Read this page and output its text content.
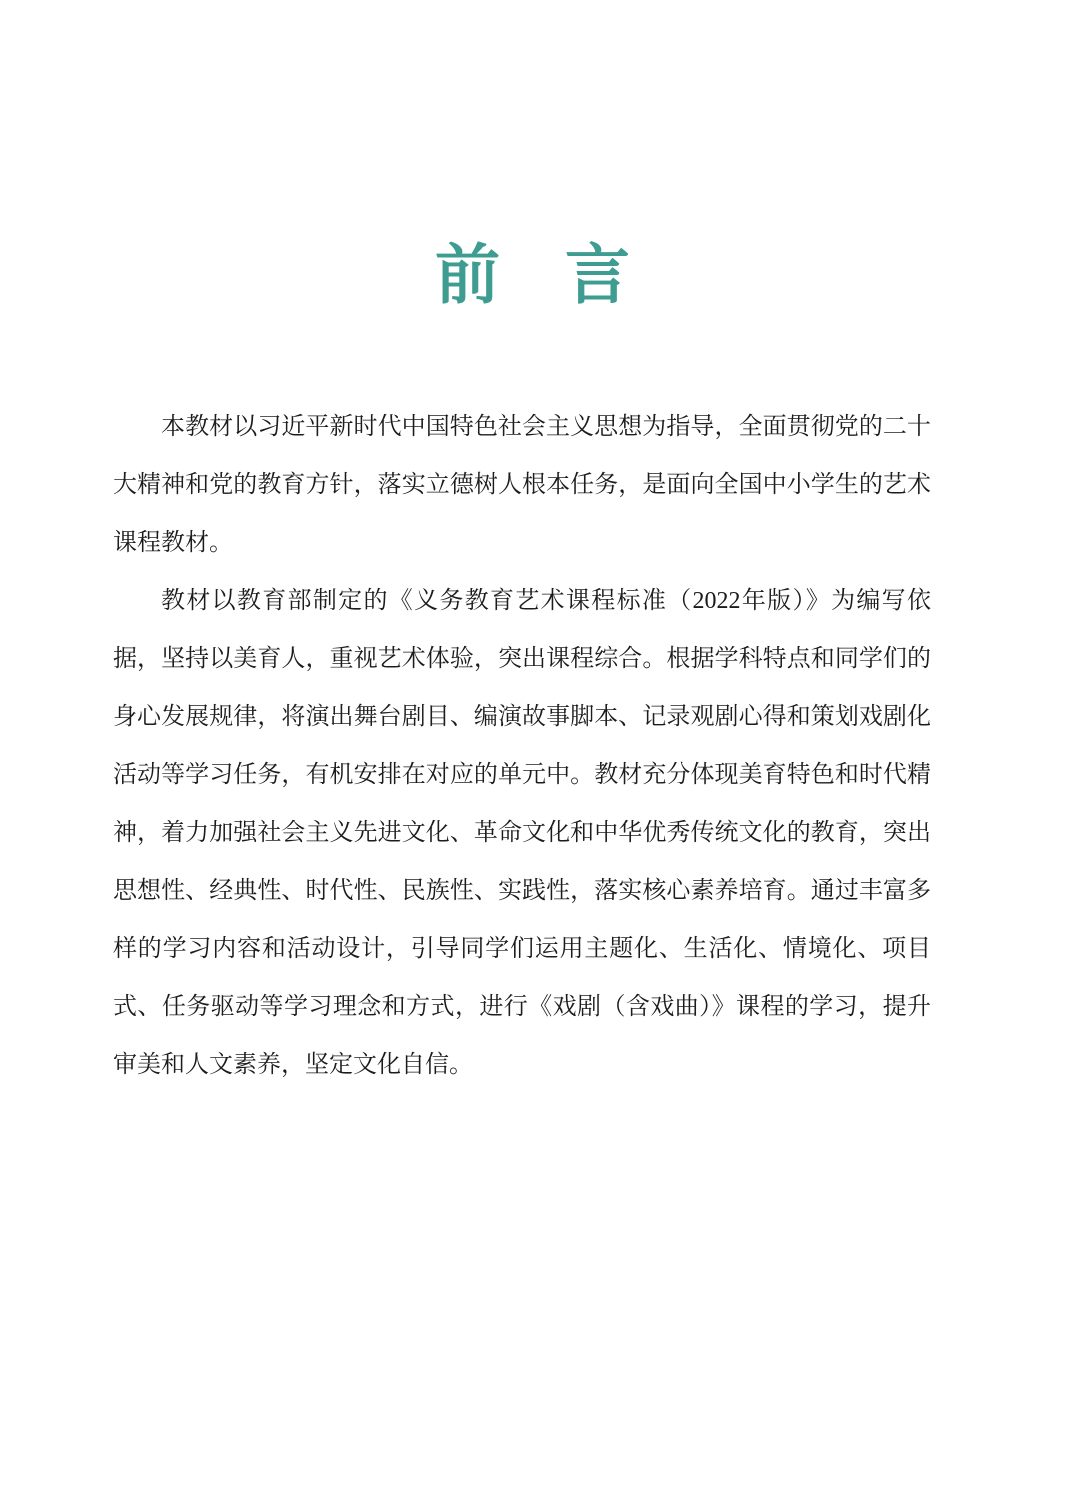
前　言

本教材以习近平新时代中国特色社会主义思想为指导，全面贯彻党的二十大精神和党的教育方针，落实立德树人根本任务，是面向全国中小学生的艺术课程教材。

教材以教育部制定的《义务教育艺术课程标准（2022年版）》为编写依据，坚持以美育人，重视艺术体验，突出课程综合。根据学科特点和同学们的身心发展规律，将演出舞台剧目、编演故事脚本、记录观剧心得和策划戏剧化活动等学习任务，有机安排在对应的单元中。教材充分体现美育特色和时代精神，着力加强社会主义先进文化、革命文化和中华优秀传统文化的教育，突出思想性、经典性、时代性、民族性、实践性，落实核心素养培育。通过丰富多样的学习内容和活动设计，引导同学们运用主题化、生活化、情境化、项目式、任务驱动等学习理念和方式，进行《戏剧（含戏曲）》课程的学习，提升审美和人文素养，坚定文化自信。
